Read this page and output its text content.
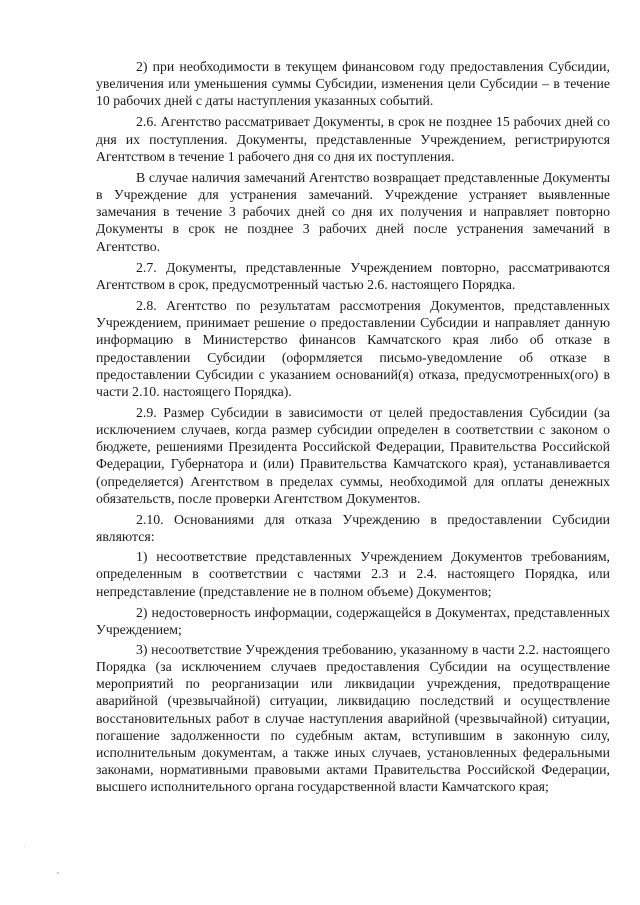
2) при необходимости в текущем финансовом году предоставления Субсидии, увеличения или уменьшения суммы Субсидии, изменения цели Субсидии – в течение 10 рабочих дней с даты наступления указанных событий.

2.6. Агентство рассматривает Документы, в срок не позднее 15 рабочих дней со дня их поступления. Документы, представленные Учреждением, регистрируются Агентством в течение 1 рабочего дня со дня их поступления.

В случае наличия замечаний Агентство возвращает представленные Документы в Учреждение для устранения замечаний. Учреждение устраняет выявленные замечания в течение 3 рабочих дней со дня их получения и направляет повторно Документы в срок не позднее 3 рабочих дней после устранения замечаний в Агентство.

2.7. Документы, представленные Учреждением повторно, рассматриваются Агентством в срок, предусмотренный частью 2.6. настоящего Порядка.

2.8. Агентство по результатам рассмотрения Документов, представленных Учреждением, принимает решение о предоставлении Субсидии и направляет данную информацию в Министерство финансов Камчатского края либо об отказе в предоставлении Субсидии (оформляется письмо-уведомление об отказе в предоставлении Субсидии с указанием оснований(я) отказа, предусмотренных(ого) в части 2.10. настоящего Порядка).

2.9. Размер Субсидии в зависимости от целей предоставления Субсидии (за исключением случаев, когда размер субсидии определен в соответствии с законом о бюджете, решениями Президента Российской Федерации, Правительства Российской Федерации, Губернатора и (или) Правительства Камчатского края), устанавливается (определяется) Агентством в пределах суммы, необходимой для оплаты денежных обязательств, после проверки Агентством Документов.

2.10. Основаниями для отказа Учреждению в предоставлении Субсидии являются:

1) несоответствие представленных Учреждением Документов требованиям, определенным в соответствии с частями 2.3 и 2.4. настоящего Порядка, или непредставление (представление не в полном объеме) Документов;

2) недостоверность информации, содержащейся в Документах, представленных Учреждением;

3) несоответствие Учреждения требованию, указанному в части 2.2. настоящего Порядка (за исключением случаев предоставления Субсидии на осуществление мероприятий по реорганизации или ликвидации учреждения, предотвращение аварийной (чрезвычайной) ситуации, ликвидацию последствий и осуществление восстановительных работ в случае наступления аварийной (чрезвычайной) ситуации, погашение задолженности по судебным актам, вступившим в законную силу, исполнительным документам, а также иных случаев, установленных федеральными законами, нормативными правовыми актами Правительства Российской Федерации, высшего исполнительного органа государственной власти Камчатского края;
